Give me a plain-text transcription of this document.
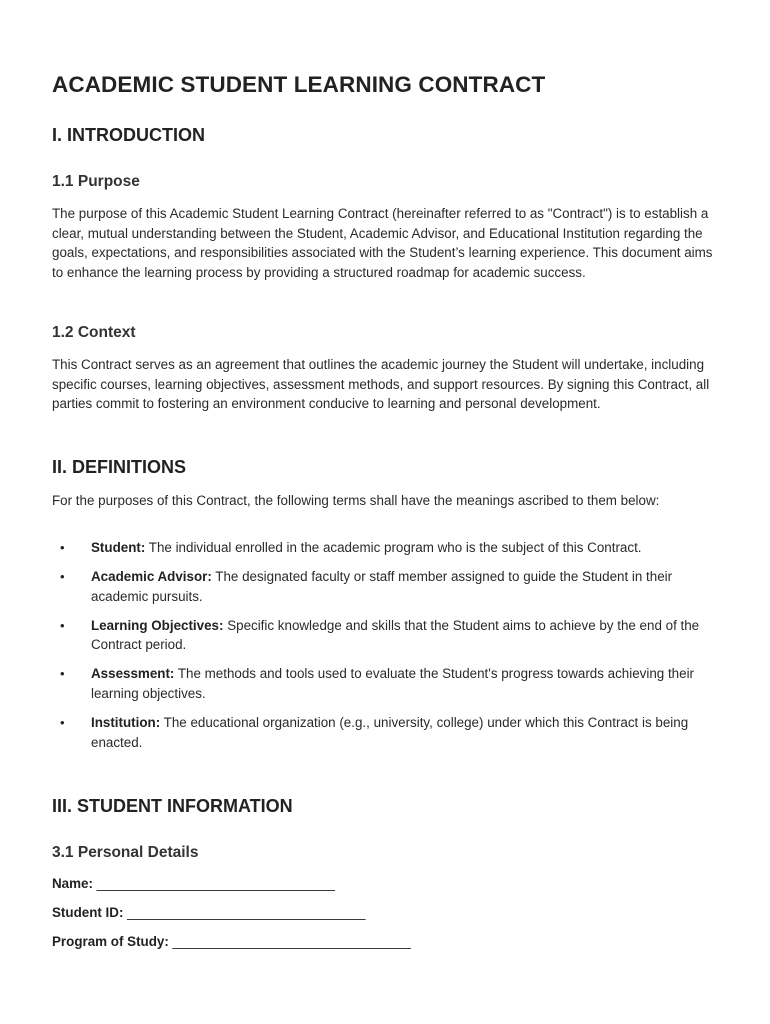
ACADEMIC STUDENT LEARNING CONTRACT
I. INTRODUCTION
1.1 Purpose

The purpose of this Academic Student Learning Contract (hereinafter referred to as "Contract") is to establish a clear, mutual understanding between the Student, Academic Advisor, and Educational Institution regarding the goals, expectations, and responsibilities associated with the Student’s learning experience. This document aims to enhance the learning process by providing a structured roadmap for academic success.

1.2 Context

This Contract serves as an agreement that outlines the academic journey the Student will undertake, including specific courses, learning objectives, assessment methods, and support resources. By signing this Contract, all parties commit to fostering an environment conducive to learning and personal development.

II. DEFINITIONS

For the purposes of this Contract, the following terms shall have the meanings ascribed to them below:

• Student: The individual enrolled in the academic program who is the subject of this Contract.
• Academic Advisor: The designated faculty or staff member assigned to guide the Student in their academic pursuits.
• Learning Objectives: Specific knowledge and skills that the Student aims to achieve by the end of the Contract period.
• Assessment: The methods and tools used to evaluate the Student's progress towards achieving their learning objectives.
• Institution: The educational organization (e.g., university, college) under which this Contract is being enacted.
III. STUDENT INFORMATION
3.1 Personal Details

Name: ________________________________

Student ID: ________________________________

Program of Study: ________________________________
